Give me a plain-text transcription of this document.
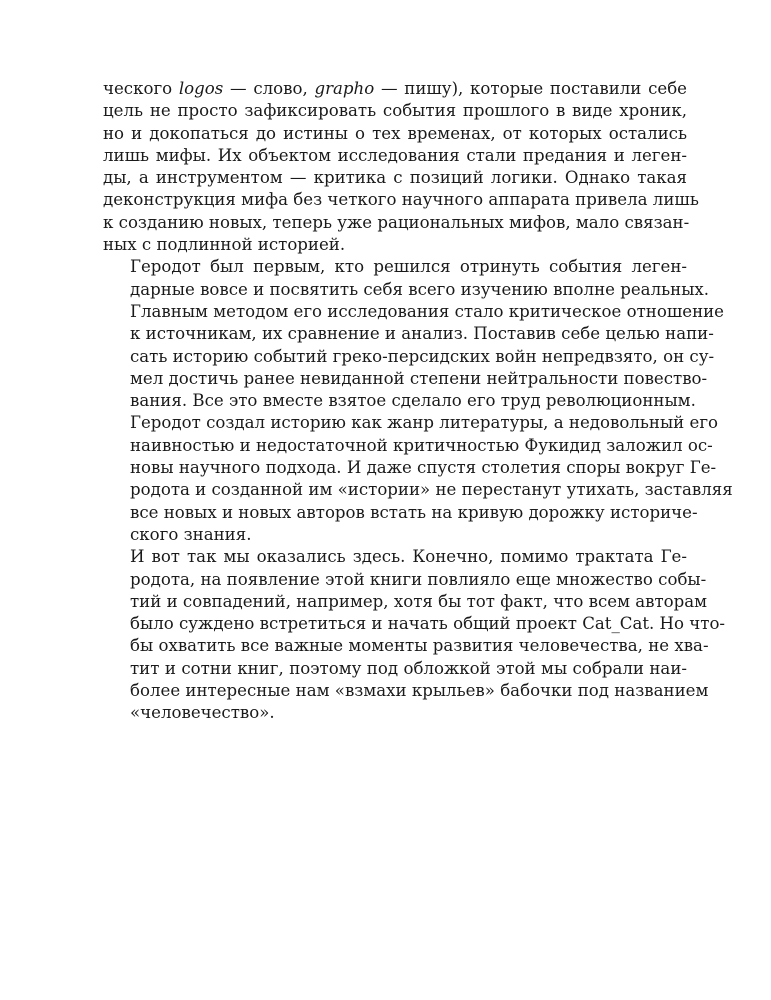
ческого logos — слово, grapho — пишу), которые поставили себе
цель не просто зафиксировать события прошлого в виде хроник,
но и докопаться до истины о тех временах, от которых остались
лишь мифы. Их объектом исследования стали предания и леген-
ды, а инструментом — критика с позиций логики. Однако такая
деконструкция мифа без четкого научного аппарата привела лишь
к созданию новых, теперь уже рациональных мифов, мало связан-
ных с подлинной историей.

Геродот был первым, кто решился отринуть события леген-
дарные вовсе и посвятить себя всего изучению вполне реальных.
Главным методом его исследования стало критическое отношение
к источникам, их сравнение и анализ. Поставив себе целью напи-
сать историю событий греко-персидских войн непредвзято, он су-
мел достичь ранее невиданной степени нейтральности повество-
вания. Все это вместе взятое сделало его труд революционным.
Геродот создал историю как жанр литературы, а недовольный его
наивностью и недостаточной критичностью Фукидид заложил ос-
новы научного подхода. И даже спустя столетия споры вокруг Ге-
родота и созданной им «истории» не перестанут утихать, заставляя
все новых и новых авторов встать на кривую дорожку историче-
ского знания.

И вот так мы оказались здесь. Конечно, помимо трактата Ге-
родота, на появление этой книги повлияло еще множество собы-
тий и совпадений, например, хотя бы тот факт, что всем авторам
было суждено встретиться и начать общий проект Cat_Cat. Но что-
бы охватить все важные моменты развития человечества, не хва-
тит и сотни книг, поэтому под обложкой этой мы собрали наи-
более интересные нам «взмахи крыльев» бабочки под названием
«человечество».
